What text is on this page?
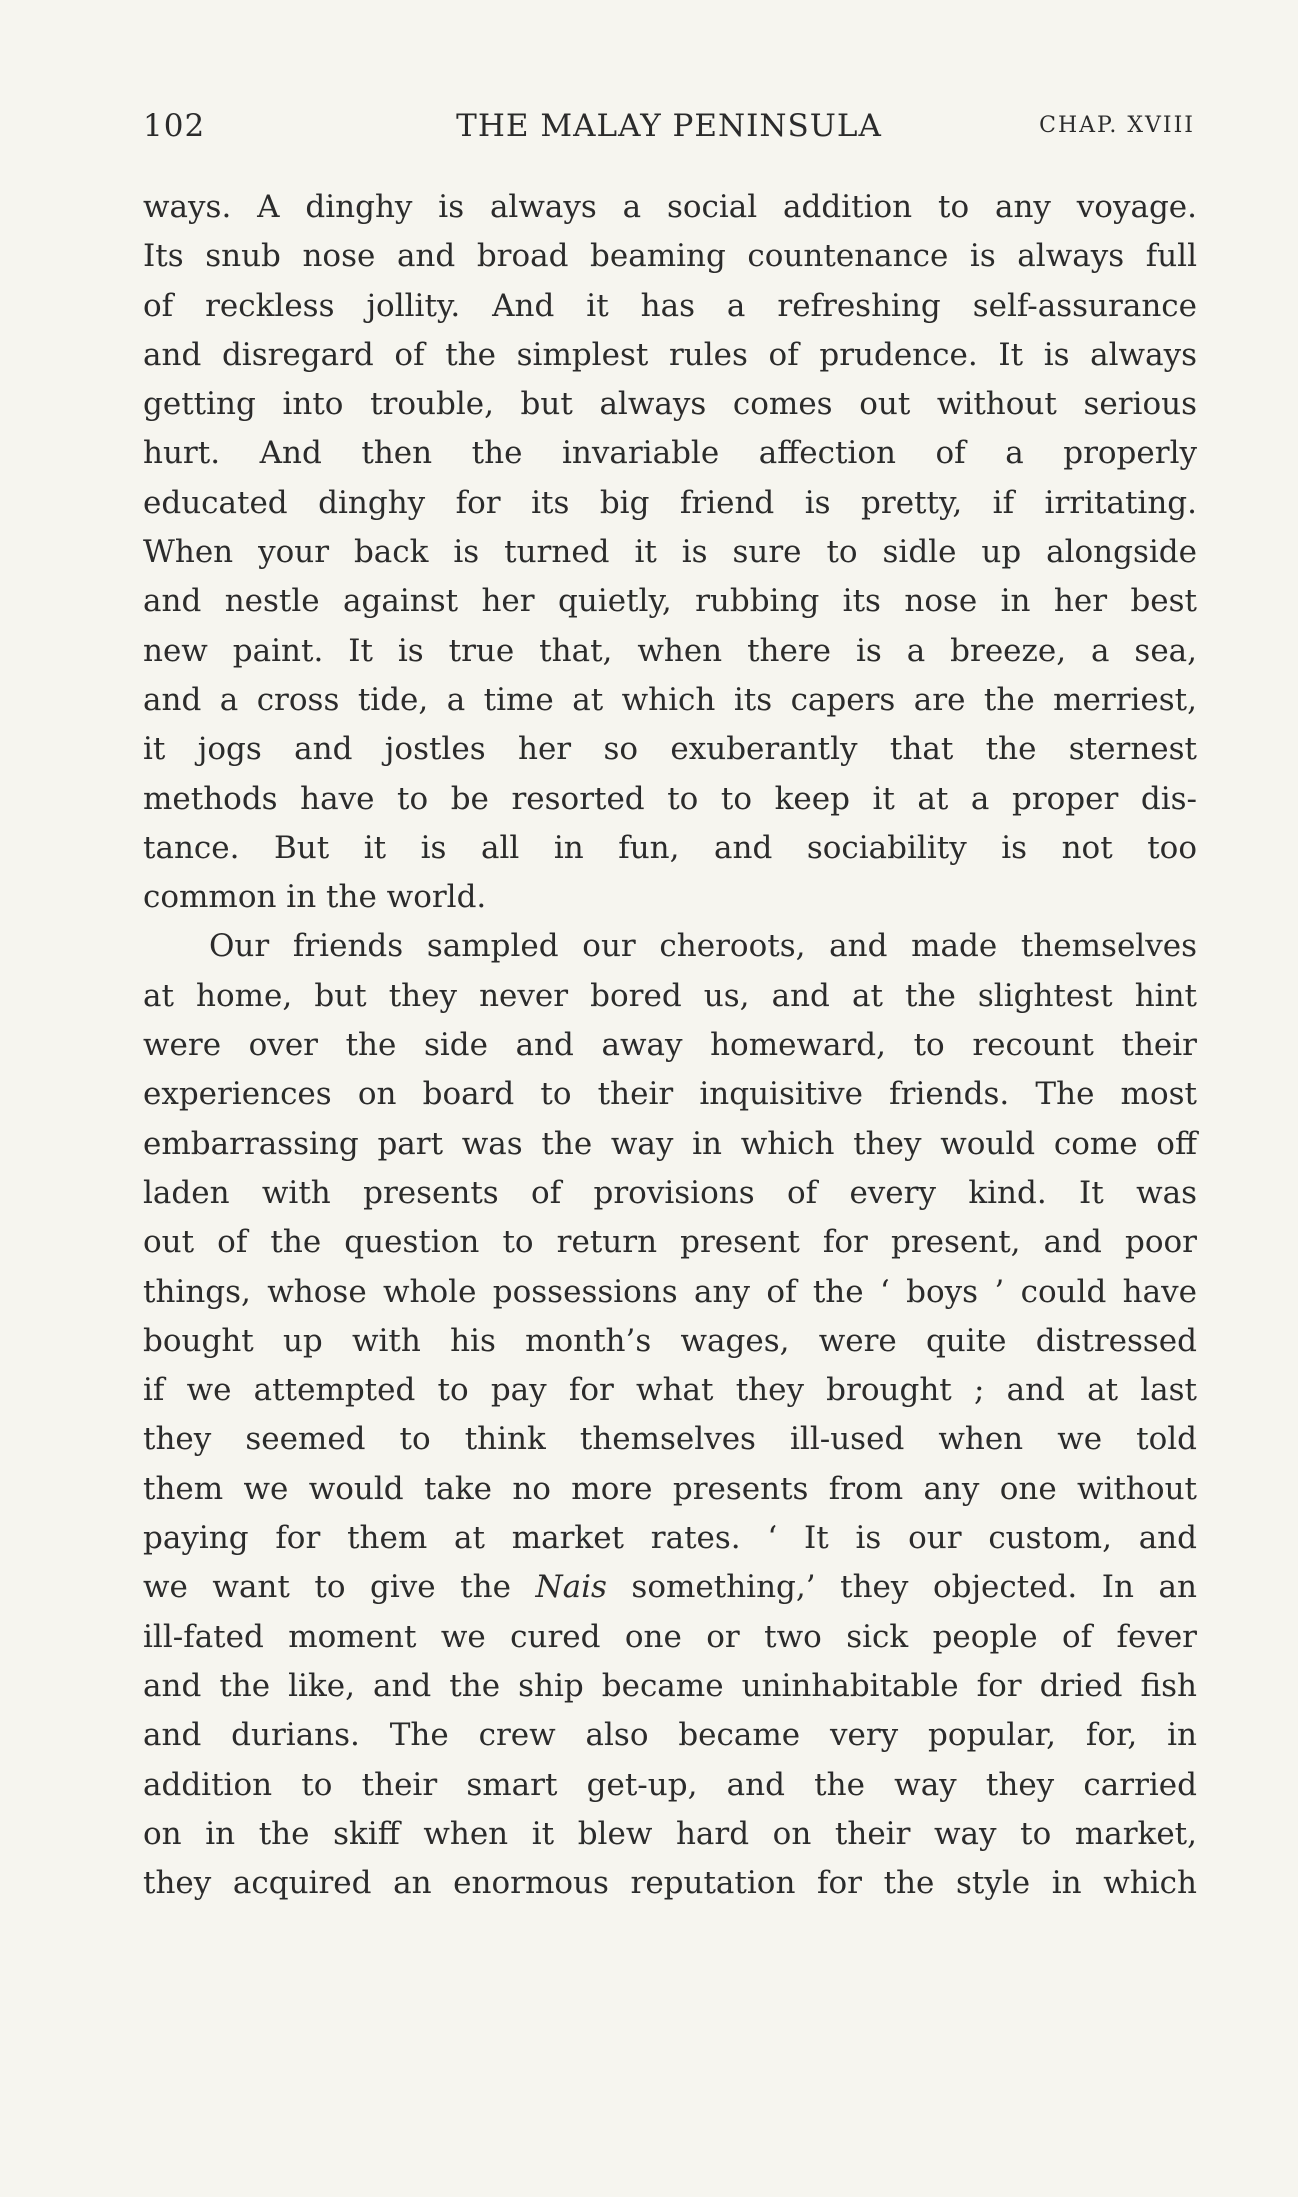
102	THE MALAY PENINSULA	CHAP. XVIII
ways. A dinghy is always a social addition to any voyage.
Its snub nose and broad beaming countenance is always full
of reckless jollity. And it has a refreshing self-assurance
and disregard of the simplest rules of prudence. It is always
getting into trouble, but always comes out without serious
hurt. And then the invariable affection of a properly
educated dinghy for its big friend is pretty, if irritating.
When your back is turned it is sure to sidle up alongside
and nestle against her quietly, rubbing its nose in her best
new paint. It is true that, when there is a breeze, a sea,
and a cross tide, a time at which its capers are the merriest,
it jogs and jostles her so exuberantly that the sternest
methods have to be resorted to to keep it at a proper dis-
tance. But it is all in fun, and sociability is not too
common in the world.
Our friends sampled our cheroots, and made themselves
at home, but they never bored us, and at the slightest hint
were over the side and away homeward, to recount their
experiences on board to their inquisitive friends. The most
embarrassing part was the way in which they would come off
laden with presents of provisions of every kind. It was
out of the question to return present for present, and poor
things, whose whole possessions any of the ‘ boys ’ could have
bought up with his month’s wages, were quite distressed
if we attempted to pay for what they brought ; and at last
they seemed to think themselves ill-used when we told
them we would take no more presents from any one without
paying for them at market rates. ‘ It is our custom, and
we want to give the Nais something,’ they objected. In an
ill-fated moment we cured one or two sick people of fever
and the like, and the ship became uninhabitable for dried fish
and durians. The crew also became very popular, for, in
addition to their smart get-up, and the way they carried
on in the skiff when it blew hard on their way to market,
they acquired an enormous reputation for the style in which
